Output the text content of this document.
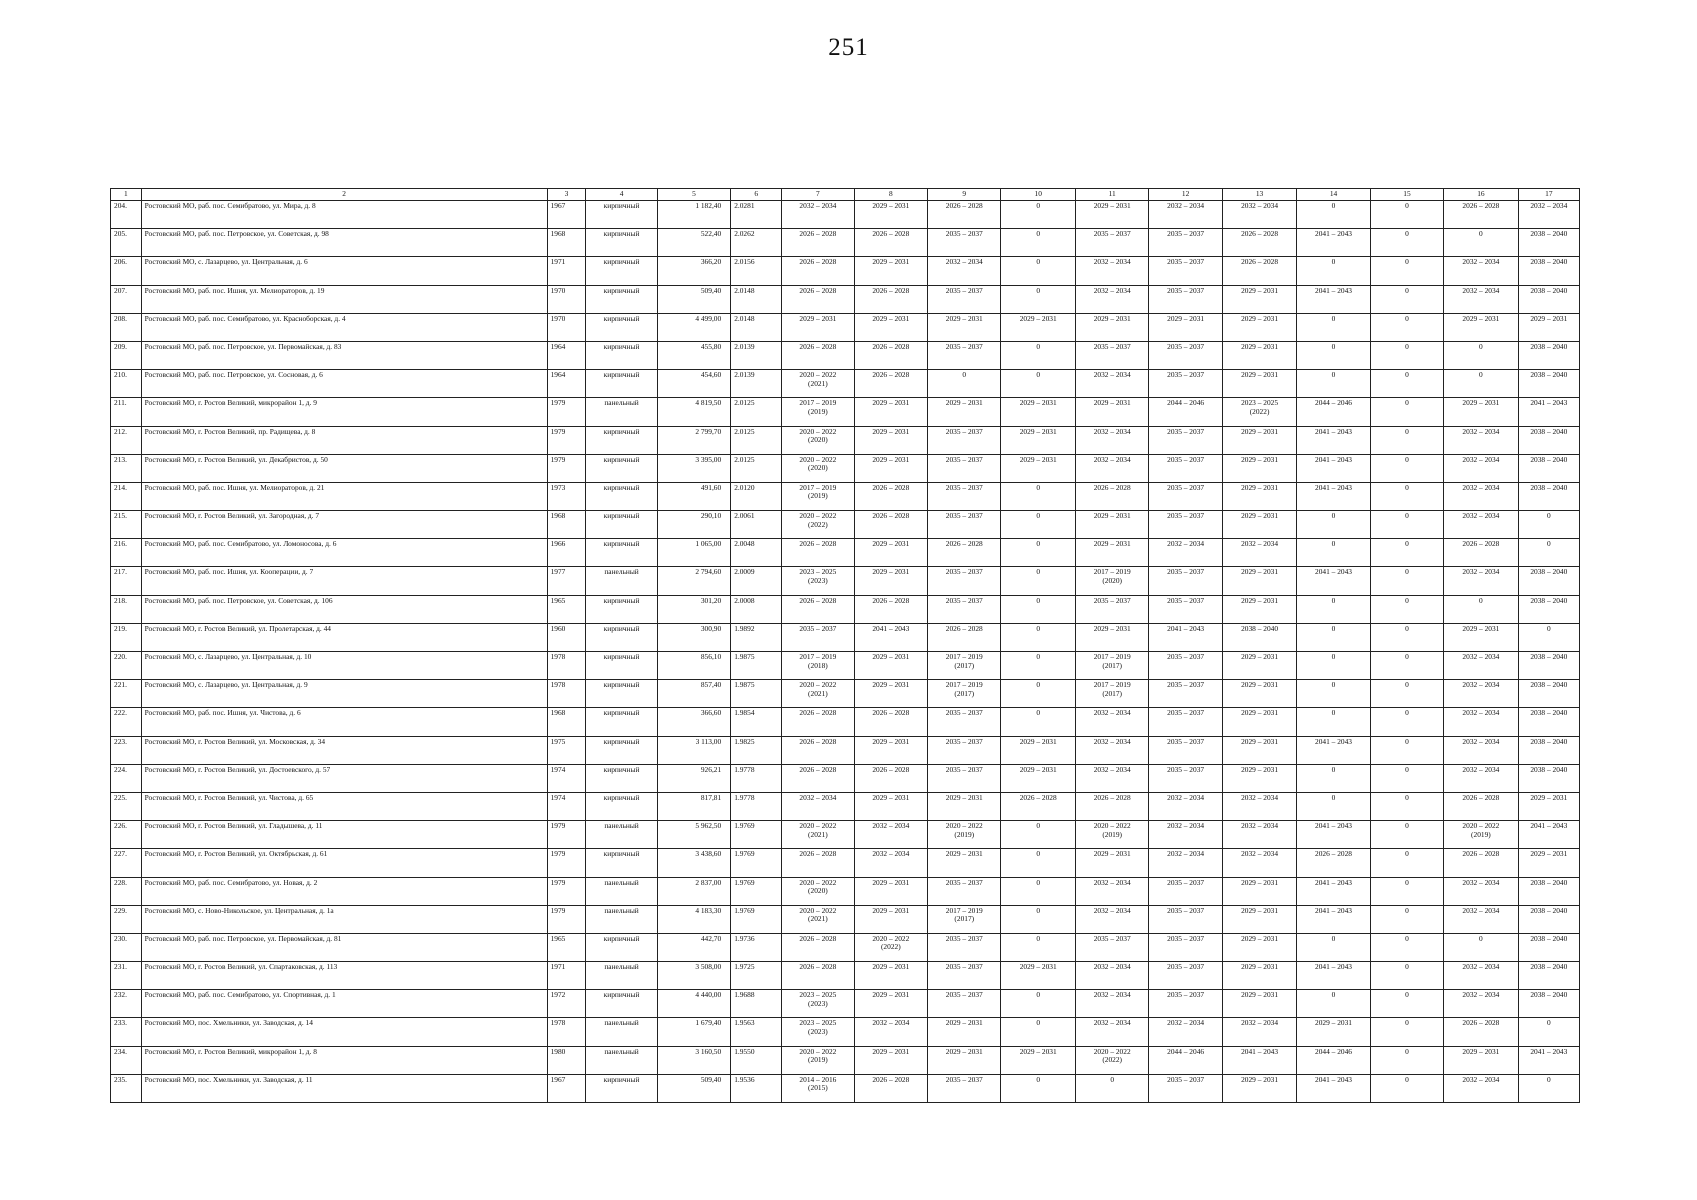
251
1	2	3	4	5	6	7	8	9	10	11	12	13	14	15	16	17
204.	Ростовский МО, раб. пос. Семибратово, ул. Мира, д. 8	1967	кирпичный	1 182,40	2.0281	2032 – 2034	2029 – 2031	2026 – 2028	0	2029 – 2031	2032 – 2034	2032 – 2034	0	0	2026 – 2028	2032 – 2034

205.	Ростовский МО, раб. пос. Петровское, ул. Советская, д. 98	1968	кирпичный	522,40	2.0262	2026 – 2028	2026 – 2028	2035 – 2037	0	2035 – 2037	2035 – 2037	2026 – 2028	2041 – 2043	0	0	2038 – 2040

206.	Ростовский МО, с. Лазарцево, ул. Центральная, д. 6	1971	кирпичный	366,20	2.0156	2026 – 2028	2029 – 2031	2032 – 2034	0	2032 – 2034	2035 – 2037	2026 – 2028	0	0	2032 – 2034	2038 – 2040

207.	Ростовский МО, раб. пос. Ишня, ул. Мелиораторов, д. 19	1970	кирпичный	509,40	2.0148	2026 – 2028	2026 – 2028	2035 – 2037	0	2032 – 2034	2035 – 2037	2029 – 2031	2041 – 2043	0	2032 – 2034	2038 – 2040

208.	Ростовский МО, раб. пос. Семибратово, ул. Красноборская, д. 4	1970	кирпичный	4 499,00	2.0148	2029 – 2031	2029 – 2031	2029 – 2031	2029 – 2031	2029 – 2031	2029 – 2031	2029 – 2031	0	0	2029 – 2031	2029 – 2031

209.	Ростовский МО, раб. пос. Петровское, ул. Первомайская, д. 83	1964	кирпичный	455,80	2.0139	2026 – 2028	2026 – 2028	2035 – 2037	0	2035 – 2037	2035 – 2037	2029 – 2031	0	0	0	2038 – 2040

210.	Ростовский МО, раб. пос. Петровское, ул. Сосновая, д. 6	1964	кирпичный	454,60	2.0139	2020 – 2022
(2021)	2026 – 2028	0	0	2032 – 2034	2035 – 2037	2029 – 2031	0	0	0	2038 – 2040

211.	Ростовский МО, г. Ростов Великий, микрорайон 1, д. 9	1979	панельный	4 819,50	2.0125	2017 – 2019
(2019)	2029 – 2031	2029 – 2031	2029 – 2031	2029 – 2031	2044 – 2046	2023 – 2025
(2022)	2044 – 2046	0	2029 – 2031	2041 – 2043

212.	Ростовский МО, г. Ростов Великий, пр. Радищева, д. 8	1979	кирпичный	2 799,70	2.0125	2020 – 2022
(2020)	2029 – 2031	2035 – 2037	2029 – 2031	2032 – 2034	2035 – 2037	2029 – 2031	2041 – 2043	0	2032 – 2034	2038 – 2040

213.	Ростовский МО, г. Ростов Великий, ул. Декабристов, д. 50	1979	кирпичный	3 395,00	2.0125	2020 – 2022
(2020)	2029 – 2031	2035 – 2037	2029 – 2031	2032 – 2034	2035 – 2037	2029 – 2031	2041 – 2043	0	2032 – 2034	2038 – 2040

214.	Ростовский МО, раб. пос. Ишня, ул. Мелиораторов, д. 21	1973	кирпичный	491,60	2.0120	2017 – 2019
(2019)	2026 – 2028	2035 – 2037	0	2026 – 2028	2035 – 2037	2029 – 2031	2041 – 2043	0	2032 – 2034	2038 – 2040

215.	Ростовский МО, г. Ростов Великий, ул. Загородная, д. 7	1968	кирпичный	290,10	2.0061	2020 – 2022
(2022)	2026 – 2028	2035 – 2037	0	2029 – 2031	2035 – 2037	2029 – 2031	0	0	2032 – 2034	0

216.	Ростовский МО, раб. пос. Семибратово, ул. Ломоносова, д. 6	1966	кирпичный	1 065,00	2.0048	2026 – 2028	2029 – 2031	2026 – 2028	0	2029 – 2031	2032 – 2034	2032 – 2034	0	0	2026 – 2028	0

217.	Ростовский МО, раб. пос. Ишня, ул. Кооперации, д. 7	1977	панельный	2 794,60	2.0009	2023 – 2025
(2023)	2029 – 2031	2035 – 2037	0	2017 – 2019
(2020)	2035 – 2037	2029 – 2031	2041 – 2043	0	2032 – 2034	2038 – 2040

218.	Ростовский МО, раб. пос. Петровское, ул. Советская, д. 106	1965	кирпичный	301,20	2.0008	2026 – 2028	2026 – 2028	2035 – 2037	0	2035 – 2037	2035 – 2037	2029 – 2031	0	0	0	2038 – 2040

219.	Ростовский МО, г. Ростов Великий, ул. Пролетарская, д. 44	1960	кирпичный	300,90	1.9892	2035 – 2037	2041 – 2043	2026 – 2028	0	2029 – 2031	2041 – 2043	2038 – 2040	0	0	2029 – 2031	0

220.	Ростовский МО, с. Лазарцево, ул. Центральная, д. 10	1978	кирпичный	856,10	1.9875	2017 – 2019
(2018)	2029 – 2031	2017 – 2019
(2017)	0	2017 – 2019
(2017)	2035 – 2037	2029 – 2031	0	0	2032 – 2034	2038 – 2040

221.	Ростовский МО, с. Лазарцево, ул. Центральная, д. 9	1978	кирпичный	857,40	1.9875	2020 – 2022
(2021)	2029 – 2031	2017 – 2019
(2017)	0	2017 – 2019
(2017)	2035 – 2037	2029 – 2031	0	0	2032 – 2034	2038 – 2040

222.	Ростовский МО, раб. пос. Ишня, ул. Чистова, д. 6	1968	кирпичный	366,60	1.9854	2026 – 2028	2026 – 2028	2035 – 2037	0	2032 – 2034	2035 – 2037	2029 – 2031	0	0	2032 – 2034	2038 – 2040

223.	Ростовский МО, г. Ростов Великий, ул. Московская, д. 34	1975	кирпичный	3 113,00	1.9825	2026 – 2028	2029 – 2031	2035 – 2037	2029 – 2031	2032 – 2034	2035 – 2037	2029 – 2031	2041 – 2043	0	2032 – 2034	2038 – 2040

224.	Ростовский МО, г. Ростов Великий, ул. Достоевского, д. 57	1974	кирпичный	926,21	1.9778	2026 – 2028	2026 – 2028	2035 – 2037	2029 – 2031	2032 – 2034	2035 – 2037	2029 – 2031	0	0	2032 – 2034	2038 – 2040

225.	Ростовский МО, г. Ростов Великий, ул. Чистова, д. 65	1974	кирпичный	817,81	1.9778	2032 – 2034	2029 – 2031	2029 – 2031	2026 – 2028	2026 – 2028	2032 – 2034	2032 – 2034	0	0	2026 – 2028	2029 – 2031

226.	Ростовский МО, г. Ростов Великий, ул. Гладышева, д. 11	1979	панельный	5 962,50	1.9769	2020 – 2022
(2021)	2032 – 2034	2020 – 2022
(2019)	0	2020 – 2022
(2019)	2032 – 2034	2032 – 2034	2041 – 2043	0	2020 – 2022
(2019)	2041 – 2043

227.	Ростовский МО, г. Ростов Великий, ул. Октябрьская, д. 61	1979	кирпичный	3 438,60	1.9769	2026 – 2028	2032 – 2034	2029 – 2031	0	2029 – 2031	2032 – 2034	2032 – 2034	2026 – 2028	0	2026 – 2028	2029 – 2031

228.	Ростовский МО, раб. пос. Семибратово, ул. Новая, д. 2	1979	панельный	2 837,00	1.9769	2020 – 2022
(2020)	2029 – 2031	2035 – 2037	0	2032 – 2034	2035 – 2037	2029 – 2031	2041 – 2043	0	2032 – 2034	2038 – 2040

229.	Ростовский МО, с. Ново-Никольское, ул. Центральная, д. 1а	1979	панельный	4 183,30	1.9769	2020 – 2022
(2021)	2029 – 2031	2017 – 2019
(2017)	0	2032 – 2034	2035 – 2037	2029 – 2031	2041 – 2043	0	2032 – 2034	2038 – 2040

230.	Ростовский МО, раб. пос. Петровское, ул. Первомайская, д. 81	1965	кирпичный	442,70	1.9736	2026 – 2028	2020 – 2022
(2022)	2035 – 2037	0	2035 – 2037	2035 – 2037	2029 – 2031	0	0	0	2038 – 2040

231.	Ростовский МО, г. Ростов Великий, ул. Спартаковская, д. 113	1971	панельный	3 508,00	1.9725	2026 – 2028	2029 – 2031	2035 – 2037	2029 – 2031	2032 – 2034	2035 – 2037	2029 – 2031	2041 – 2043	0	2032 – 2034	2038 – 2040

232.	Ростовский МО, раб. пос. Семибратово, ул. Спортивная, д. 1	1972	кирпичный	4 440,00	1.9688	2023 – 2025
(2023)	2029 – 2031	2035 – 2037	0	2032 – 2034	2035 – 2037	2029 – 2031	0	0	2032 – 2034	2038 – 2040

233.	Ростовский МО, пос. Хмельники, ул. Заводская, д. 14	1978	панельный	1 679,40	1.9563	2023 – 2025
(2023)	2032 – 2034	2029 – 2031	0	2032 – 2034	2032 – 2034	2032 – 2034	2029 – 2031	0	2026 – 2028	0

234.	Ростовский МО, г. Ростов Великий, микрорайон 1, д. 8	1980	панельный	3 160,50	1.9550	2020 – 2022
(2019)	2029 – 2031	2029 – 2031	2029 – 2031	2020 – 2022
(2022)	2044 – 2046	2041 – 2043	2044 – 2046	0	2029 – 2031	2041 – 2043

235.	Ростовский МО, пос. Хмельники, ул. Заводская, д. 11	1967	кирпичный	509,40	1.9536	2014 – 2016
(2015)	2026 – 2028	2035 – 2037	0	0	2035 – 2037	2029 – 2031	2041 – 2043	0	2032 – 2034	0
